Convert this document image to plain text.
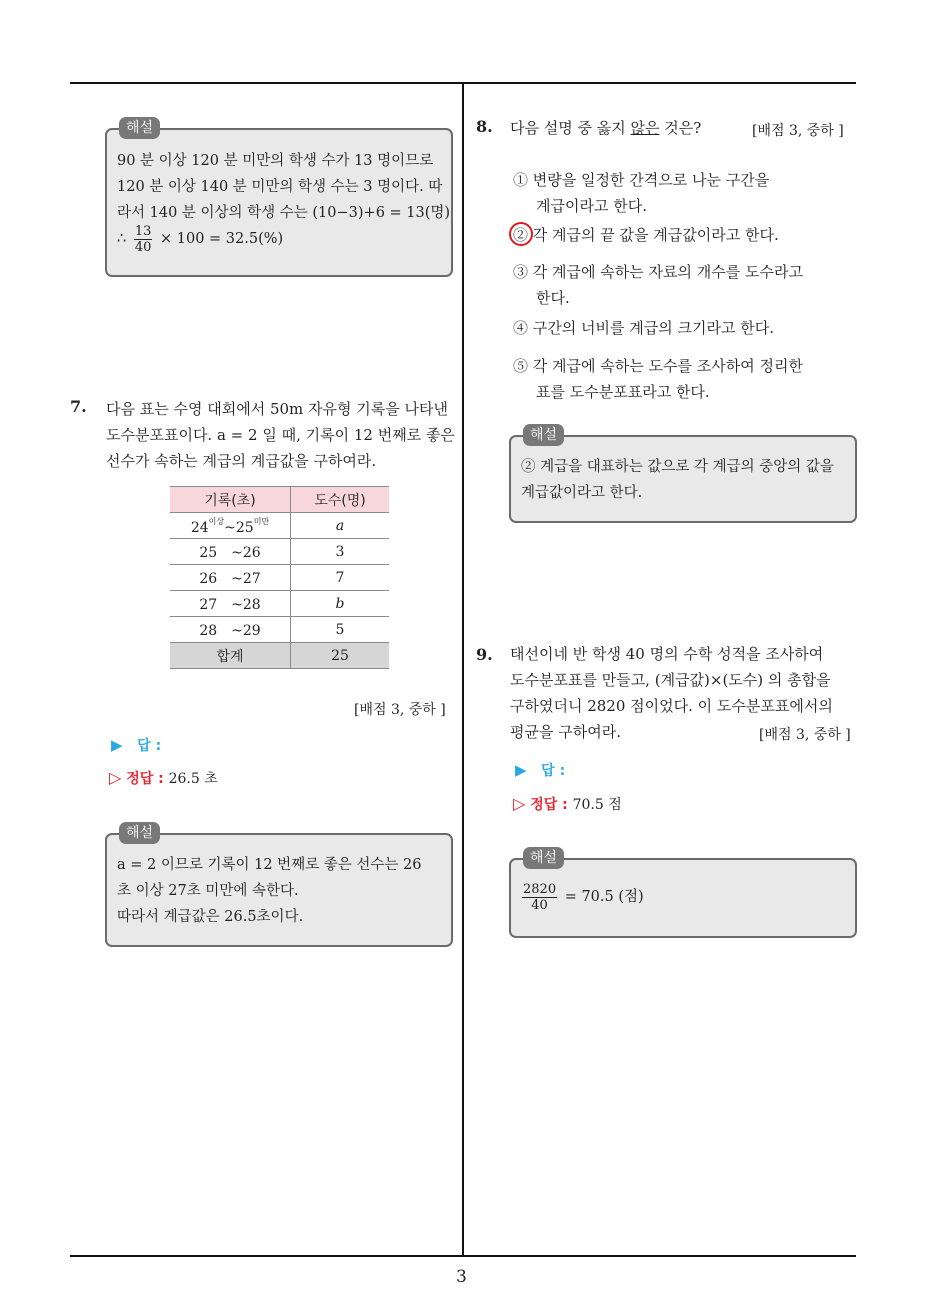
3
해설
90 분 이상 120 분 미만의 학생 수가 13 명이므로
120 분 이상 140 분 미만의 학생 수는 3 명이다. 따
라서 140 분 이상의 학생 수는 (10−3)+6 = 13(명)
∴ $\frac{13}{40} \times 100 = 32.5(\%)$
7. 다음 표는 수영 대회에서 50m 자유형 기록을 나타낸
도수분포표이다. a = 2 일 때, 기록이 12 번째로 좋은
선수가 속하는 계급의 계급값을 구하여라.
기록(초)	도수(명)
$24^{이상}\sim 25^{미만}$	a
25　~26	3
26　~27	7
27　~28	b
28　~29	5
합계	25
[배점 3, 중하 ]
▶ 답 :
▷ 정답 : 26.5 초
해설
a = 2 이므로 기록이 12 번째로 좋은 선수는 26
초 이상 27초 미만에 속한다.
따라서 계급값은 26.5초이다.
8. 다음 설명 중 옳지 않은 것은?	[배점 3, 중하 ]
① 변량을 일정한 간격으로 나눈 구간을
계급이라고 한다.
② 각 계급의 끝 값을 계급값이라고 한다.
③ 각 계급에 속하는 자료의 개수를 도수라고
한다.
④ 구간의 너비를 계급의 크기라고 한다.
⑤ 각 계급에 속하는 도수를 조사하여 정리한
표를 도수분포표라고 한다.
해설
② 계급을 대표하는 값으로 각 계급의 중앙의 값을
계급값이라고 한다.
9. 태선이네 반 학생 40 명의 수학 성적을 조사하여
도수분포표를 만들고, (계급값)×(도수) 의 총합을
구하였더니 2820 점이었다. 이 도수분포표에서의
평균을 구하여라.	[배점 3, 중하 ]
▶ 답 :
▷ 정답 : 70.5 점
해설
$\frac{2820}{40} = 70.5$ (점)
